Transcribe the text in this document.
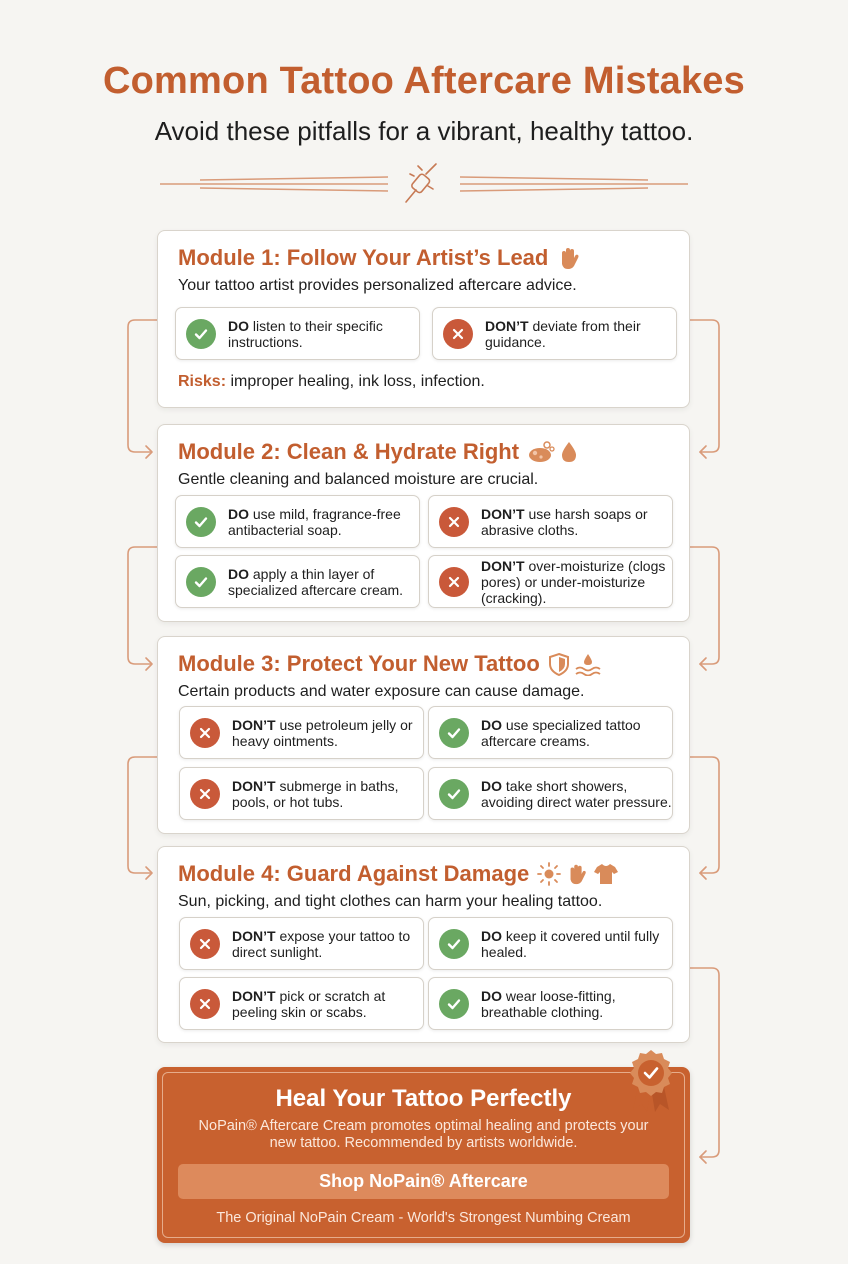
Common Tattoo Aftercare Mistakes
Avoid these pitfalls for a vibrant, healthy tattoo.
Module 1: Follow Your Artist’s Lead
Your tattoo artist provides personalized aftercare advice.
DO listen to their specific instructions.
DON’T deviate from their guidance.
Risks: improper healing, ink loss, infection.
Module 2: Clean & Hydrate Right
Gentle cleaning and balanced moisture are crucial.
DO use mild, fragrance-free antibacterial soap.
DON’T use harsh soaps or abrasive cloths.
DO apply a thin layer of specialized aftercare cream.
DON’T over-moisturize (clogs pores) or under-moisturize (cracking).
Module 3: Protect Your New Tattoo
Certain products and water exposure can cause damage.
DON’T use petroleum jelly or heavy ointments.
DO use specialized tattoo aftercare creams.
DON’T submerge in baths, pools, or hot tubs.
DO take short showers, avoiding direct water pressure.
Module 4: Guard Against Damage
Sun, picking, and tight clothes can harm your healing tattoo.
DON’T expose your tattoo to direct sunlight.
DO keep it covered until fully healed.
DON’T pick or scratch at peeling skin or scabs.
DO wear loose-fitting, breathable clothing.
Heal Your Tattoo Perfectly

NoPain® Aftercare Cream promotes optimal healing and protects your new tattoo. Recommended by artists worldwide.

Shop NoPain® Aftercare
The Original NoPain Cream - World's Strongest Numbing Cream
